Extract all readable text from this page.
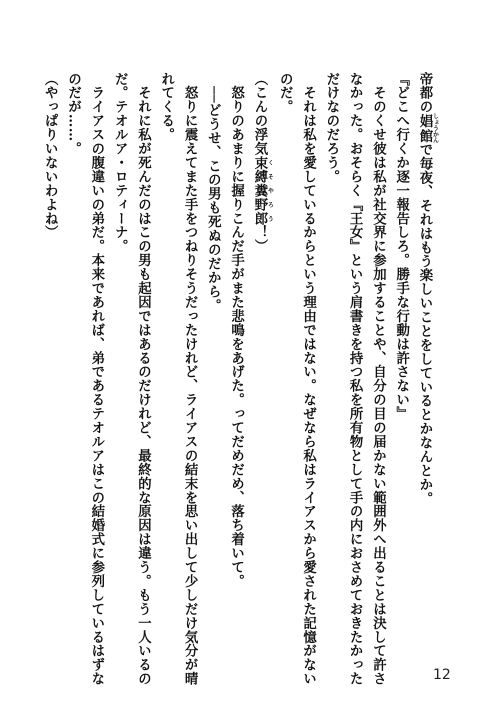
帝都の娼館しょうかんで毎夜、それはもう楽しいことをしているとかなんとか。
『どこへ行くか逐一報告しろ。勝手な行動は許さない』
　そのくせ彼は私が社交界に参加することや、自分の目の届かない範囲外へ出ることは決して許さ
なかった。おそらく『王女』という肩書きを持つ私を所有物として手の内におさめておきたかった
だけなのだろう。
　それは私を愛しているからという理由ではない。なぜなら私はライアスから愛された記憶がない
のだ。
（こんの浮気束縛糞野郎くそやろう！）
　怒りのあまりに握りこんだ手がまた悲鳴をあげた。ってだめだめ、落ち着いて。
　──どうせ、この男も死ぬのだから。
　怒りに震えてまた手をつねりそうだったけれど、ライアスの結末を思い出して少しだけ気分が晴
れてくる。
　それに私が死んだのはこの男も起因ではあるのだけれど、最終的な原因は違う。もう一人いるの
だ。テオルア・ロティーナ。
　ライアスの腹違いの弟だ。本来であれば、弟であるテオルアはこの結婚式に参列しているはずな
のだが……。
（やっぱりいないわよね）
12
